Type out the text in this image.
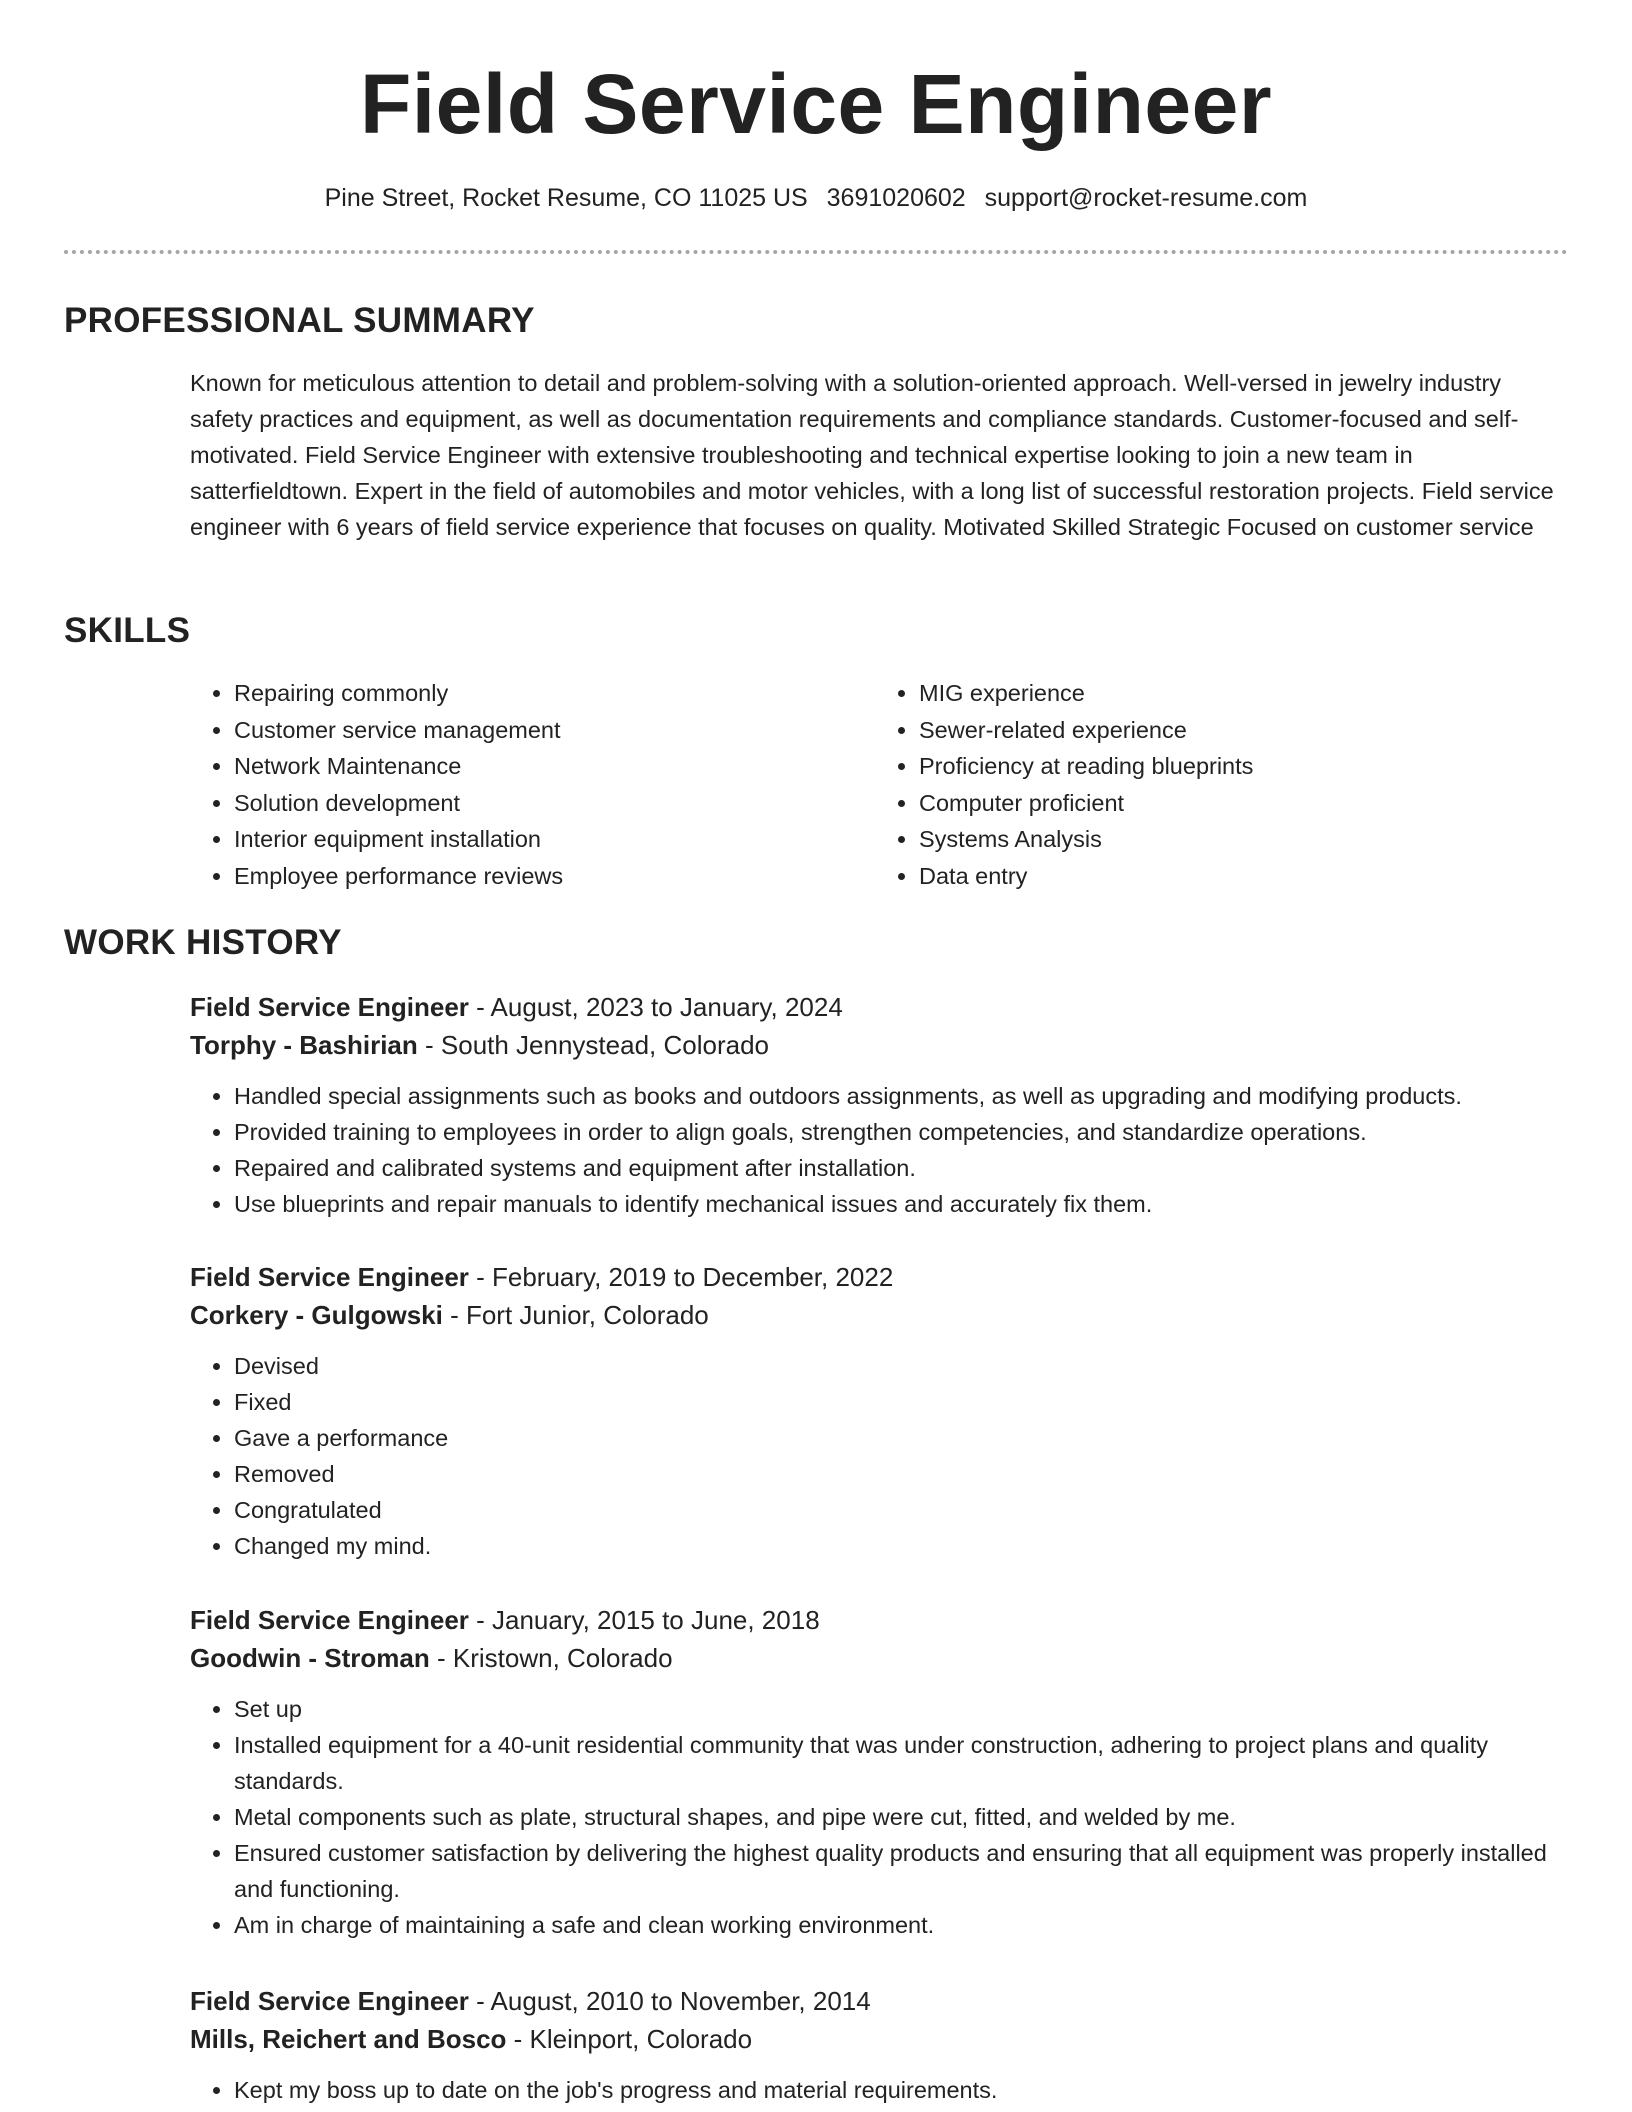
Field Service Engineer
Pine Street, Rocket Resume, CO 11025 US 3691020602 support@rocket-resume.com
PROFESSIONAL SUMMARY
Known for meticulous attention to detail and problem-solving with a solution-oriented approach. Well-versed in jewelry industry safety practices and equipment, as well as documentation requirements and compliance standards. Customer-focused and self-motivated. Field Service Engineer with extensive troubleshooting and technical expertise looking to join a new team in satterfieldtown. Expert in the field of automobiles and motor vehicles, with a long list of successful restoration projects. Field service engineer with 6 years of field service experience that focuses on quality. Motivated Skilled Strategic Focused on customer service
SKILLS
• Repairing commonly
• Customer service management
• Network Maintenance
• Solution development
• Interior equipment installation
• Employee performance reviews
• MIG experience
• Sewer-related experience
• Proficiency at reading blueprints
• Computer proficient
• Systems Analysis
• Data entry
WORK HISTORY
Field Service Engineer - August, 2023 to January, 2024
Torphy - Bashirian - South Jennystead, Colorado
• Handled special assignments such as books and outdoors assignments, as well as upgrading and modifying products.
• Provided training to employees in order to align goals, strengthen competencies, and standardize operations.
• Repaired and calibrated systems and equipment after installation.
• Use blueprints and repair manuals to identify mechanical issues and accurately fix them.
Field Service Engineer - February, 2019 to December, 2022
Corkery - Gulgowski - Fort Junior, Colorado
• Devised
• Fixed
• Gave a performance
• Removed
• Congratulated
• Changed my mind.
Field Service Engineer - January, 2015 to June, 2018
Goodwin - Stroman - Kristown, Colorado
• Set up
• Installed equipment for a 40-unit residential community that was under construction, adhering to project plans and quality standards.
• Metal components such as plate, structural shapes, and pipe were cut, fitted, and welded by me.
• Ensured customer satisfaction by delivering the highest quality products and ensuring that all equipment was properly installed and functioning.
• Am in charge of maintaining a safe and clean working environment.
Field Service Engineer - August, 2010 to November, 2014
Mills, Reichert and Bosco - Kleinport, Colorado
• Kept my boss up to date on the job's progress and material requirements.
